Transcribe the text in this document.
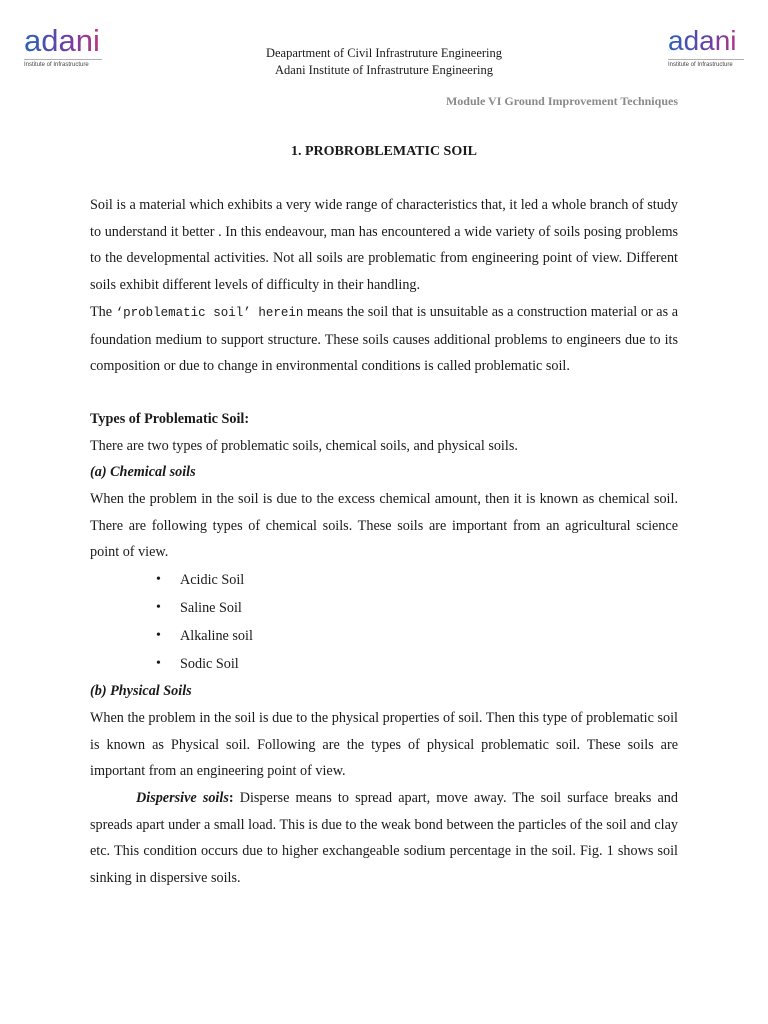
adani
Institute of Infrastructure
adani
Institute of Infrastructure
Deapartment of Civil Infrastruture Engineering
Adani Institute of Infrastruture Engineering
Module VI Ground Improvement Techniques
1. PROBROBLEMATIC SOIL

Soil is a material which exhibits a very wide range of characteristics that, it led a whole branch of study to understand it better . In this endeavour, man has encountered a wide variety of soils posing problems to the developmental activities. Not all soils are problematic from engineering point of view. Different soils exhibit different levels of difficulty in their handling.

The ‘problematic soil’ herein means the soil that is unsuitable as a construction material or as a foundation medium to support structure. These soils causes additional problems to engineers due to its composition or due to change in environmental conditions is called problematic soil.

Types of Problematic Soil:

There are two types of problematic soils, chemical soils, and physical soils.

(a) Chemical soils

When the problem in the soil is due to the excess chemical amount, then it is known as chemical soil. There are following types of chemical soils. These soils are important from an agricultural science point of view.

• Acidic Soil
• Saline Soil
• Alkaline soil
• Sodic Soil

(b) Physical Soils

When the problem in the soil is due to the physical properties of soil. Then this type of problematic soil is known as Physical soil. Following are the types of physical problematic soil. These soils are important from an engineering point of view.

Dispersive soils: Disperse means to spread apart, move away. The soil surface breaks and spreads apart under a small load. This is due to the weak bond between the particles of the soil and clay etc. This condition occurs due to higher exchangeable sodium percentage in the soil. Fig. 1 shows soil sinking in dispersive soils.
